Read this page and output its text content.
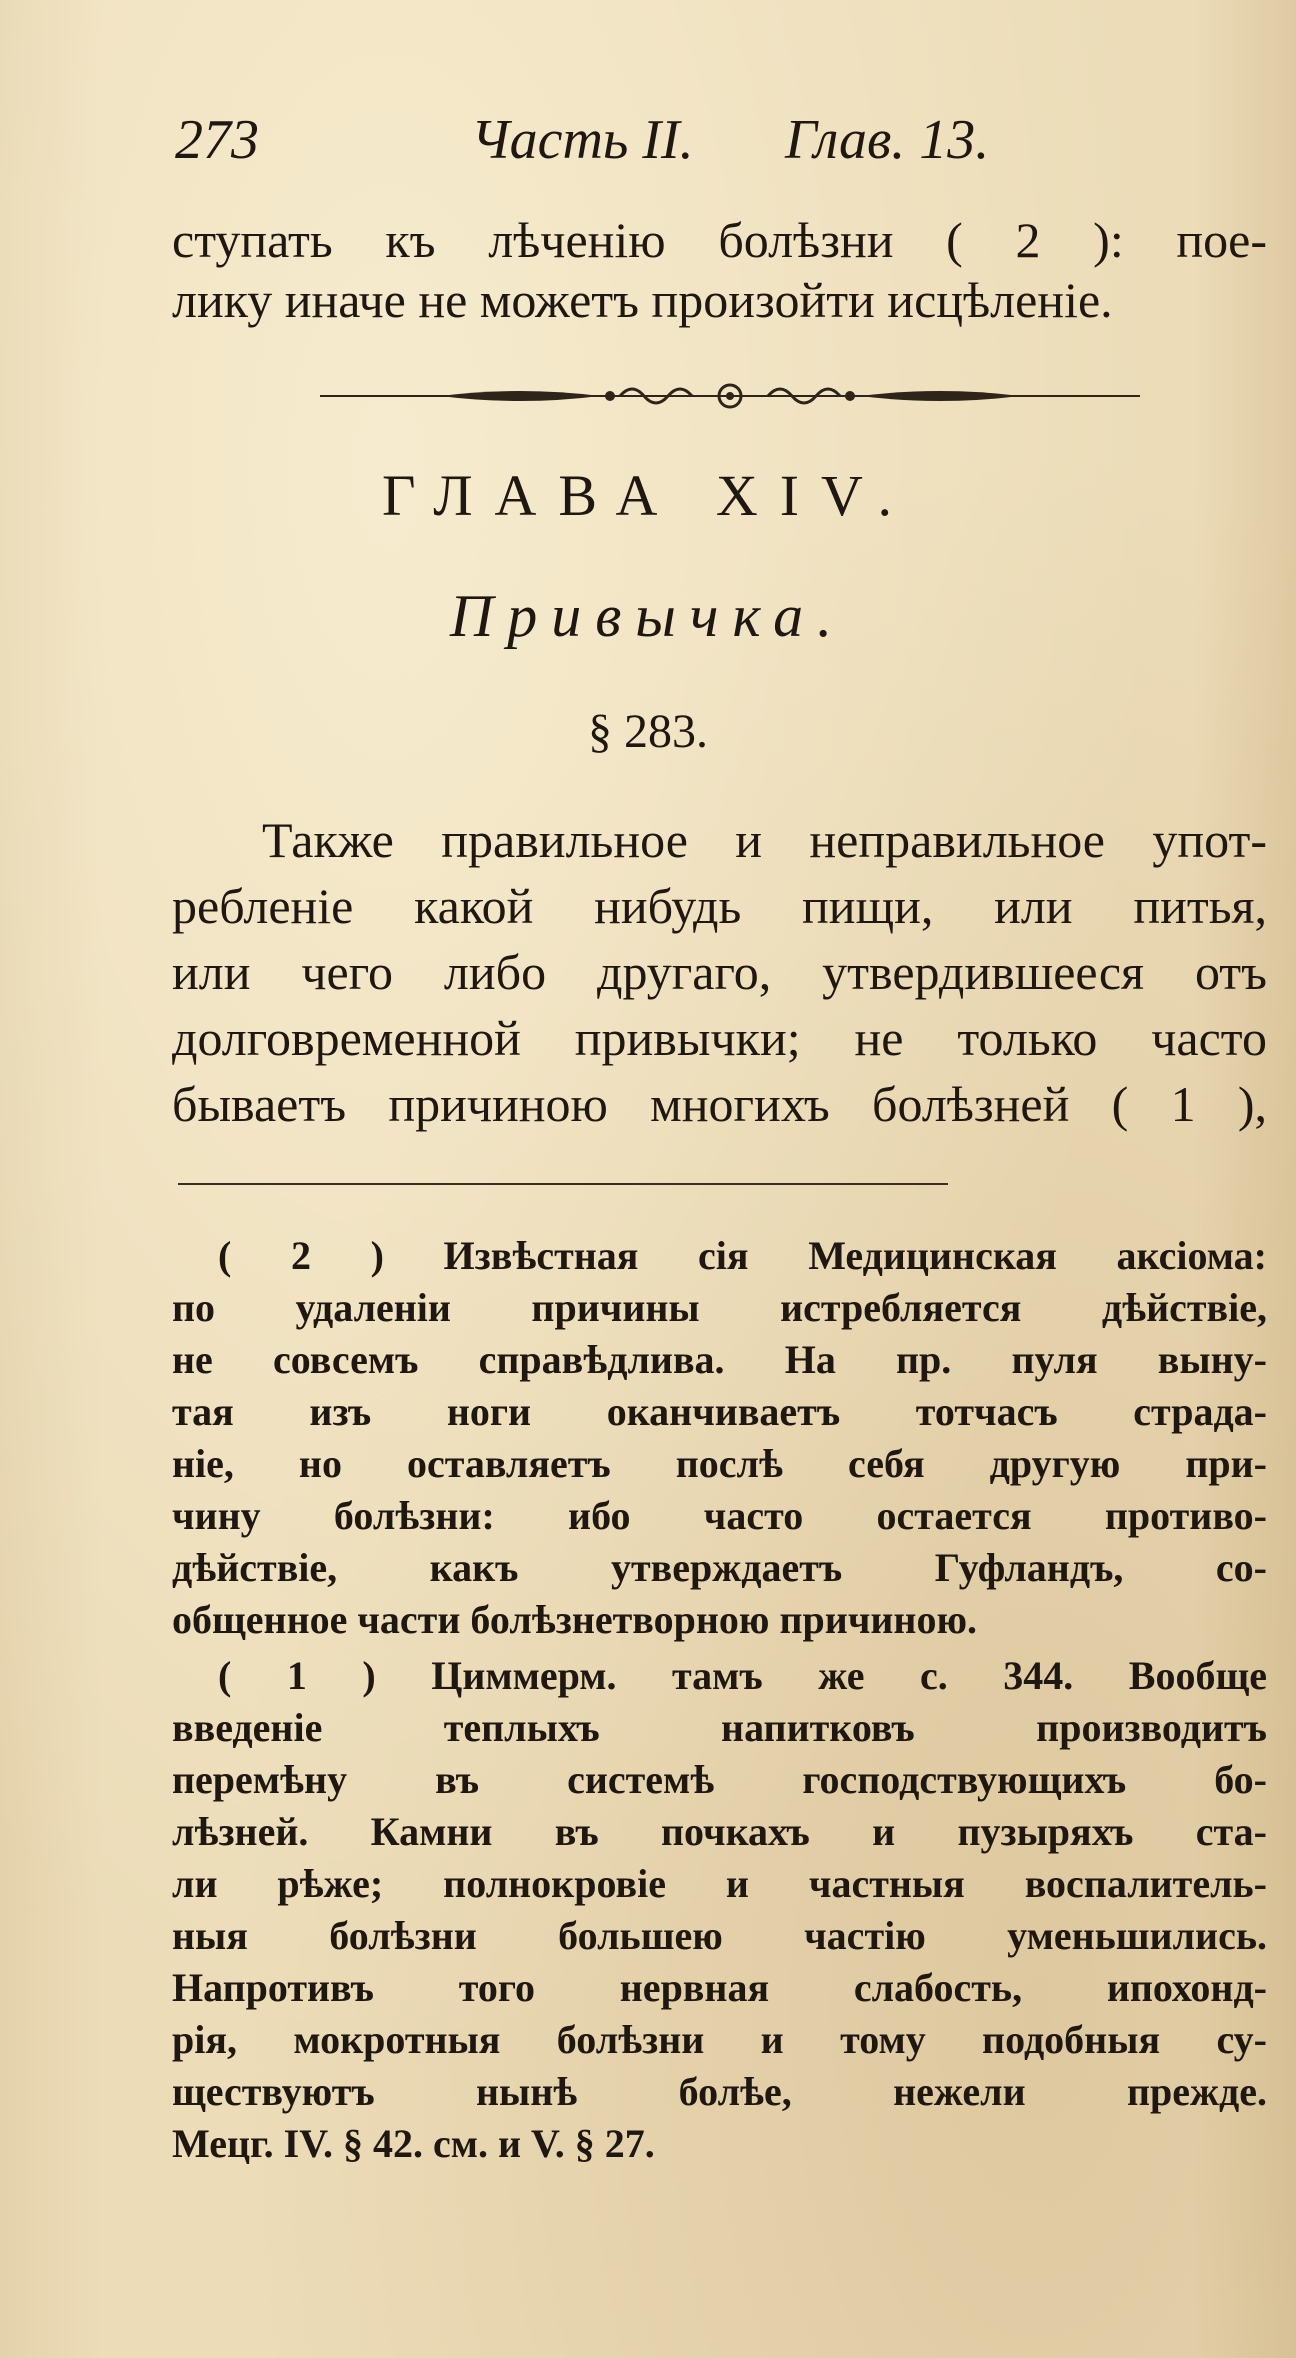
273	Часть II. Глав. 13.
ступать къ лѣченію болѣзни ( 2 ): поe-
лику иначе не можетъ произойти исцѣленіе.
ГЛАВА XIV.
Привычка.
§ 283.
Также правильное и неправильное упот-
ребленіе какой нибудь пищи, или питья,
или чего либо другаго, утвердившееся отъ
долговременной привычки; не только часто
бываетъ причиною многихъ болѣзней ( 1 ),
( 2 ) Извѣстная сія Медицинская аксіома:
по удаленіи причины истребляется дѣйствіе,
не совсемъ справѣдлива. На пр. пуля выну-
тая изъ ноги оканчиваетъ тотчасъ страда-
ніе, но оставляетъ послѣ себя другую при-
чину болѣзни: ибо часто остается противо-
дѣйствіе, какъ утверждаетъ Гуфландъ, со-
общенное части болѣзнетворною причиною.
( 1 ) Циммерм. тамъ же с. 344. Вообще
введеніе теплыхъ напитковъ производитъ
перемѣну въ системѣ господствующихъ бо-
лѣзней. Камни въ почкахъ и пузыряхъ ста-
ли рѣже; полнокровіе и частныя воспалитель-
ныя болѣзни большею частію уменьшились.
Напротивъ того нервная слабость, ипохонд-
рія, мокротныя болѣзни и тому подобныя су-
ществуютъ нынѣ болѣе, нежели прежде.
Мецг. IV. § 42. см. и V. § 27.
